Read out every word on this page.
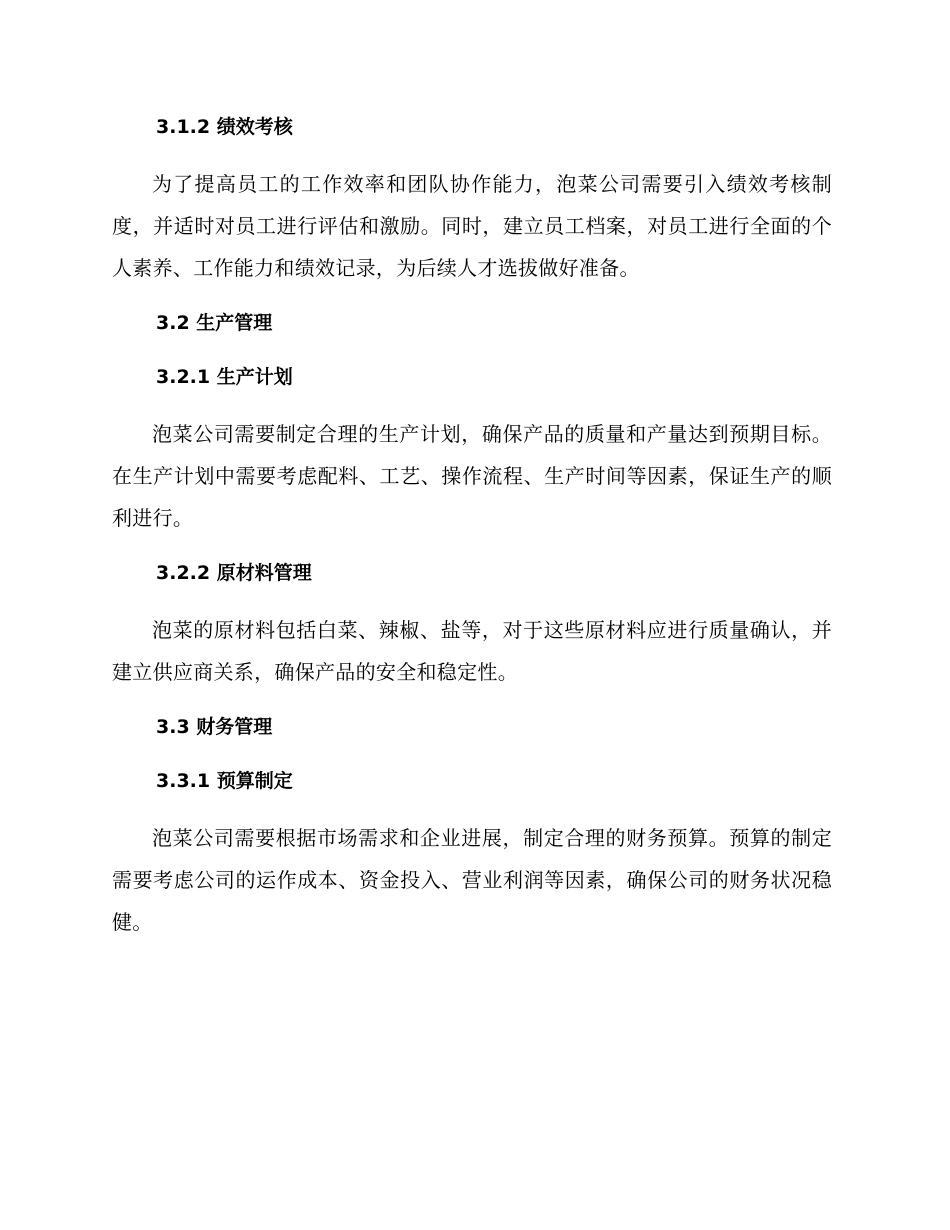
3.1.2 绩效考核

为了提高员工的工作效率和团队协作能力，泡菜公司需要引入绩效考核制度，并适时对员工进行评估和激励。同时，建立员工档案，对员工进行全面的个人素养、工作能力和绩效记录，为后续人才选拔做好准备。

3.2 生产管理
3.2.1 生产计划

泡菜公司需要制定合理的生产计划，确保产品的质量和产量达到预期目标。在生产计划中需要考虑配料、工艺、操作流程、生产时间等因素，保证生产的顺利进行。

3.2.2 原材料管理

泡菜的原材料包括白菜、辣椒、盐等，对于这些原材料应进行质量确认，并建立供应商关系，确保产品的安全和稳定性。

3.3 财务管理
3.3.1 预算制定

泡菜公司需要根据市场需求和企业进展，制定合理的财务预算。预算的制定需要考虑公司的运作成本、资金投入、营业利润等因素，确保公司的财务状况稳健。
